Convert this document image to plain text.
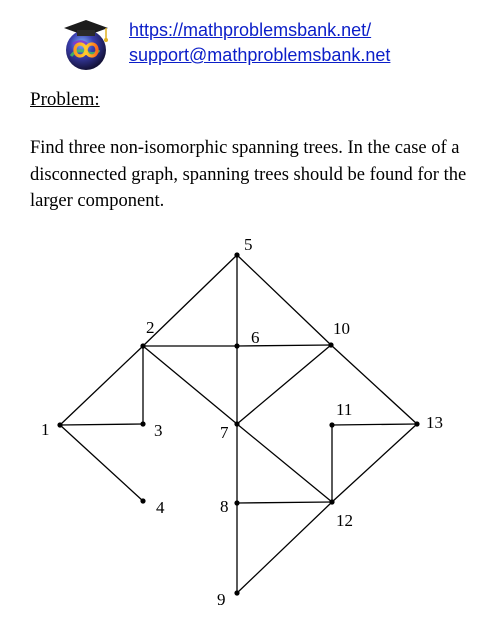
https://mathproblemsbank.net/
support@mathproblemsbank.net
Problem:
Find three non-isomorphic spanning trees. In the case of a disconnected graph, spanning trees should be found for the larger component.
1
2
3
4
5
6
7
8
9
10
11
12
13
